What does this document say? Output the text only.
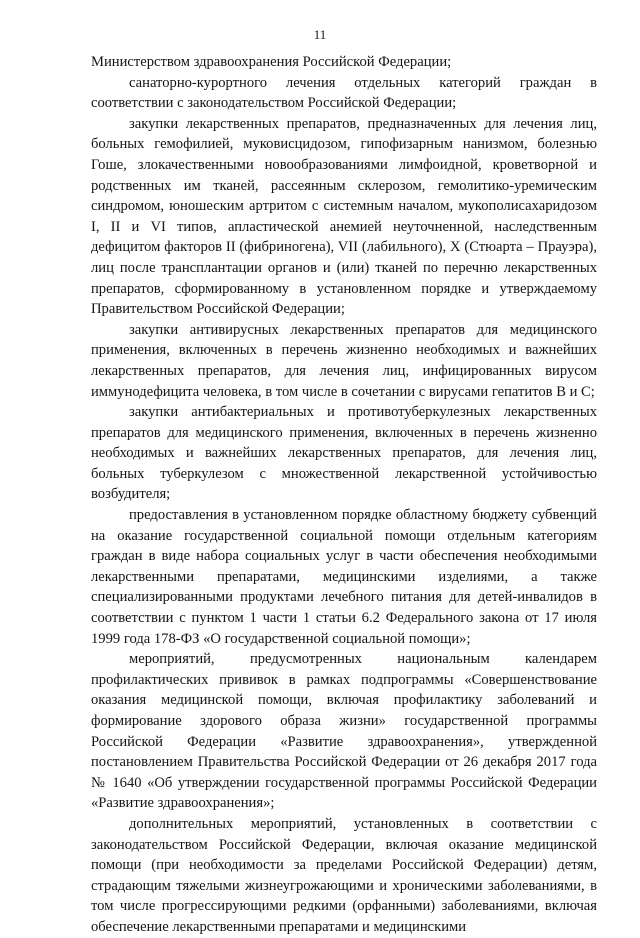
11

Министерством здравоохранения Российской Федерации;

санаторно-курортного лечения отдельных категорий граждан в соответствии с законодательством Российской Федерации;

закупки лекарственных препаратов, предназначенных для лечения лиц, больных гемофилией, муковисцидозом, гипофизарным нанизмом, болезнью Гоше, злокачественными новообразованиями лимфоидной, кроветворной и родственных им тканей, рассеянным склерозом, гемолитико-уремическим синдромом, юношеским артритом с системным началом, мукополисахаридозом I, II и VI типов, апластической анемией неуточненной, наследственным дефицитом факторов II (фибриногена), VII (лабильного), X (Стюарта – Прауэра), лиц после трансплантации органов и (или) тканей по перечню лекарственных препаратов, сформированному в установленном порядке и утверждаемому Правительством Российской Федерации;

закупки антивирусных лекарственных препаратов для медицинского применения, включенных в перечень жизненно необходимых и важнейших лекарственных препаратов, для лечения лиц, инфицированных вирусом иммунодефицита человека, в том числе в сочетании с вирусами гепатитов В и С;

закупки антибактериальных и противотуберкулезных лекарственных препаратов для медицинского применения, включенных в перечень жизненно необходимых и важнейших лекарственных препаратов, для лечения лиц, больных туберкулезом с множественной лекарственной устойчивостью возбудителя;

предоставления в установленном порядке областному бюджету субвенций на оказание государственной социальной помощи отдельным категориям граждан в виде набора социальных услуг в части обеспечения необходимыми лекарственными препаратами, медицинскими изделиями, а также специализированными продуктами лечебного питания для детей-инвалидов в соответствии с пунктом 1 части 1 статьи 6.2 Федерального закона от 17 июля 1999 года 178-ФЗ «О государственной социальной помощи»;

мероприятий, предусмотренных национальным календарем профилактических прививок в рамках подпрограммы «Совершенствование оказания медицинской помощи, включая профилактику заболеваний и формирование здорового образа жизни» государственной программы Российской Федерации «Развитие здравоохранения», утвержденной постановлением Правительства Российской Федерации от 26 декабря 2017 года № 1640 «Об утверждении государственной программы Российской Федерации «Развитие здравоохранения»;

дополнительных мероприятий, установленных в соответствии с законодательством Российской Федерации, включая оказание медицинской помощи (при необходимости за пределами Российской Федерации) детям, страдающим тяжелыми жизнеугрожающими и хроническими заболеваниями, в том числе прогрессирующими редкими (орфанными) заболеваниями, включая обеспечение лекарственными препаратами и медицинскими
